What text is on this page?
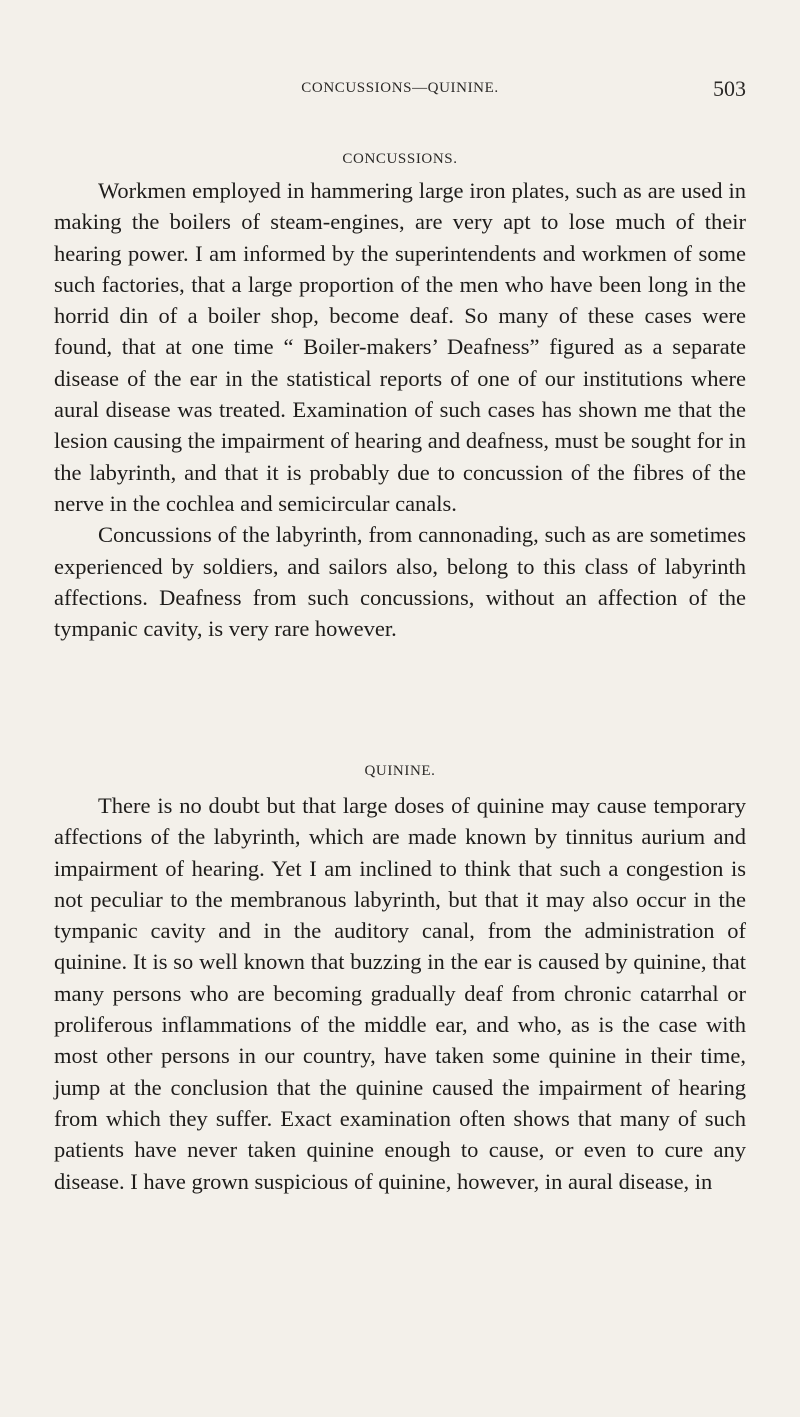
CONCUSSIONS—QUININE.	503
CONCUSSIONS.

Workmen employed in hammering large iron plates, such as are used in making the boilers of steam-engines, are very apt to lose much of their hearing power. I am informed by the superintendents and workmen of some such factories, that a large proportion of the men who have been long in the horrid din of a boiler shop, become deaf. So many of these cases were found, that at one time “ Boiler-makers’ Deafness” figured as a separate disease of the ear in the statistical reports of one of our institutions where aural disease was treated. Examination of such cases has shown me that the lesion causing the impairment of hearing and deafness, must be sought for in the labyrinth, and that it is probably due to concussion of the fibres of the nerve in the cochlea and semicircular canals.

Concussions of the labyrinth, from cannonading, such as are sometimes experienced by soldiers, and sailors also, belong to this class of labyrinth affections. Deafness from such concussions, without an affection of the tympanic cavity, is very rare however.

QUININE.

There is no doubt but that large doses of quinine may cause temporary affections of the labyrinth, which are made known by tinnitus aurium and impairment of hearing. Yet I am inclined to think that such a congestion is not peculiar to the membranous labyrinth, but that it may also occur in the tympanic cavity and in the auditory canal, from the administration of quinine. It is so well known that buzzing in the ear is caused by quinine, that many persons who are becoming gradually deaf from chronic catarrhal or proliferous inflammations of the middle ear, and who, as is the case with most other persons in our country, have taken some quinine in their time, jump at the conclusion that the quinine caused the impairment of hearing from which they suffer. Exact examination often shows that many of such patients have never taken quinine enough to cause, or even to cure any disease. I have grown suspicious of quinine, however, in aural disease, in
